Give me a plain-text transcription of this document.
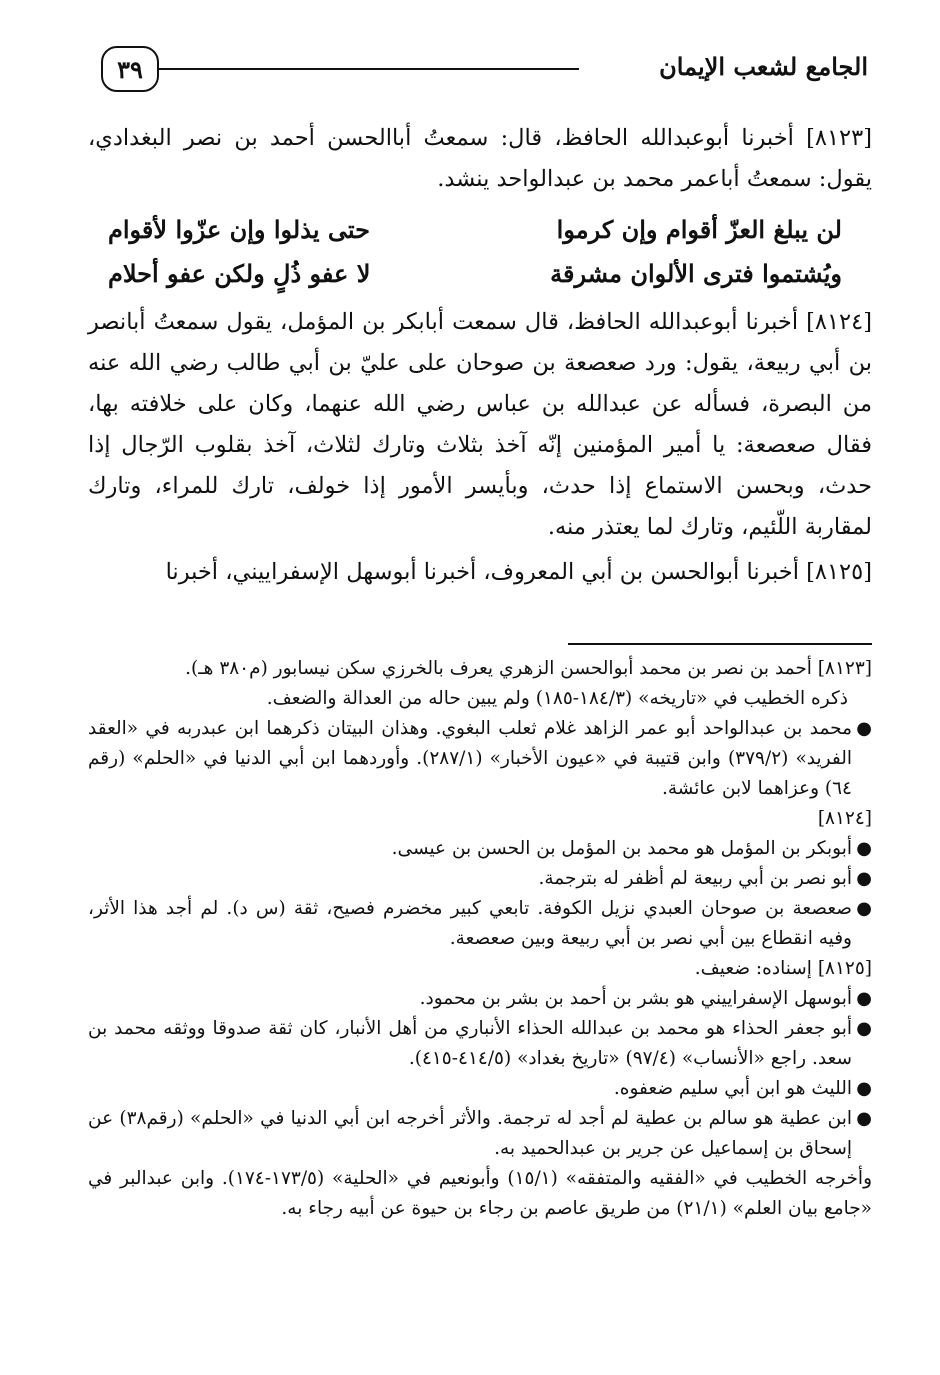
٣٩	الجامع لشعب الإيمان

[٨١٢٣] أخبرنا أبوعبدالله الحافظ، قال: سمعتُ أباالحسن أحمد بن نصر البغدادي، يقول: سمعتُ أباعمر محمد بن عبدالواحد ينشد.

لن يبلغ العزّ أقوام وإن كرموا
حتى يذلوا وإن عزّوا لأقوام
ويُشتموا فترى الألوان مشرقة
لا عفو ذُلٍ ولكن عفو أحلام

[٨١٢٤] أخبرنا أبوعبدالله الحافظ، قال سمعت أبابكر بن المؤمل، يقول سمعتُ أبانصر بن أبي ربيعة، يقول: ورد صعصعة بن صوحان على عليّ بن أبي طالب رضي الله عنه من البصرة، فسأله عن عبدالله بن عباس رضي الله عنهما، وكان على خلافته بها، فقال صعصعة: يا أمير المؤمنين إنّه آخذ بثلاث وتارك لثلاث، آخذ بقلوب الرّجال إذا حدث، وبحسن الاستماع إذا حدث، وبأيسر الأمور إذا خولف، تارك للمراء، وتارك لمقاربة اللّئيم، وتارك لما يعتذر منه.

[٨١٢٥] أخبرنا أبوالحسن بن أبي المعروف، أخبرنا أبوسهل الإسفراييني، أخبرنا

[٨١٢٣] أحمد بن نصر بن محمد أبوالحسن الزهري يعرف بالخرزي سكن نيسابور (م٣٨٠ هـ).

ذكره الخطيب في «تاريخه» (١٨٤/٣-١٨٥) ولم يبين حاله من العدالة والضعف.

●
محمد بن عبدالواحد أبو عمر الزاهد غلام ثعلب البغوي. وهذان البيتان ذكرهما ابن عبدربه في «العقد الفريد» (٣٧٩/٢) وابن قتيبة في «عيون الأخبار» (٢٨٧/١). وأوردهما ابن أبي الدنيا في «الحلم» (رقم ٦٤) وعزاهما لابن عائشة.

[٨١٢٤]

●
أبوبكر بن المؤمل هو محمد بن المؤمل بن الحسن بن عيسى.

●
أبو نصر بن أبي ربيعة لم أظفر له بترجمة.

●
صعصعة بن صوحان العبدي نزيل الكوفة. تابعي كبير مخضرم فصيح، ثقة (س د). لم أجد هذا الأثر، وفيه انقطاع بين أبي نصر بن أبي ربيعة وبين صعصعة.

[٨١٢٥] إسناده: ضعيف.

●
أبوسهل الإسفراييني هو بشر بن أحمد بن بشر بن محمود.

●
أبو جعفر الحذاء هو محمد بن عبدالله الحذاء الأنباري من أهل الأنبار، كان ثقة صدوقا ووثقه محمد بن سعد. راجع «الأنساب» (٩٧/٤) «تاريخ بغداد» (٤١٤/٥-٤١٥).

●
الليث هو ابن أبي سليم ضعفوه.

●
ابن عطية هو سالم بن عطية لم أجد له ترجمة. والأثر أخرجه ابن أبي الدنيا في «الحلم» (رقم٣٨) عن إسحاق بن إسماعيل عن جرير بن عبدالحميد به.

وأخرجه الخطيب في «الفقيه والمتفقه» (١٥/١) وأبونعيم في «الحلية» (١٧٣/٥-١٧٤). وابن عبدالبر في «جامع بيان العلم» (٢١/١) من طريق عاصم بن رجاء بن حيوة عن أبيه رجاء به.
